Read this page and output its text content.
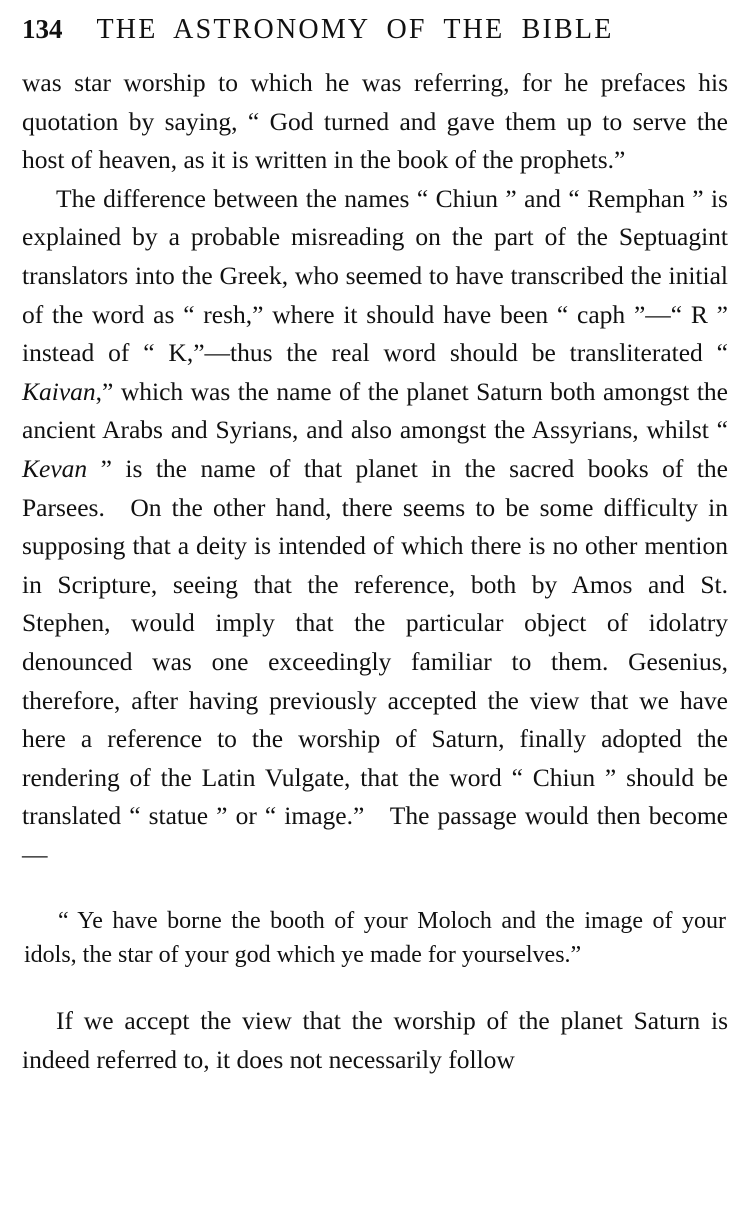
134 THE ASTRONOMY OF THE BIBLE

was star worship to which he was referring, for he prefaces his quotation by saying, “ God turned and gave them up to serve the host of heaven, as it is written in the book of the prophets.”

The difference between the names “ Chiun ” and “ Remphan ” is explained by a probable misreading on the part of the Septuagint translators into the Greek, who seemed to have transcribed the initial of the word as “ resh,” where it should have been “ caph ”—“ R ” instead of “ K,”—thus the real word should be transliterated “ Kaivan,” which was the name of the planet Saturn both amongst the ancient Arabs and Syrians, and also amongst the Assyrians, whilst “ Kevan ” is the name of that planet in the sacred books of the Parsees. On the other hand, there seems to be some difficulty in supposing that a deity is intended of which there is no other mention in Scripture, seeing that the reference, both by Amos and St. Stephen, would imply that the particular object of idolatry denounced was one exceedingly familiar to them. Gesenius, therefore, after having previously accepted the view that we have here a reference to the worship of Saturn, finally adopted the rendering of the Latin Vulgate, that the word “ Chiun ” should be translated “ statue ” or “ image.” The passage would then become—

“ Ye have borne the booth of your Moloch and the image of your idols, the star of your god which ye made for yourselves.”

If we accept the view that the worship of the planet Saturn is indeed referred to, it does not necessarily follow
